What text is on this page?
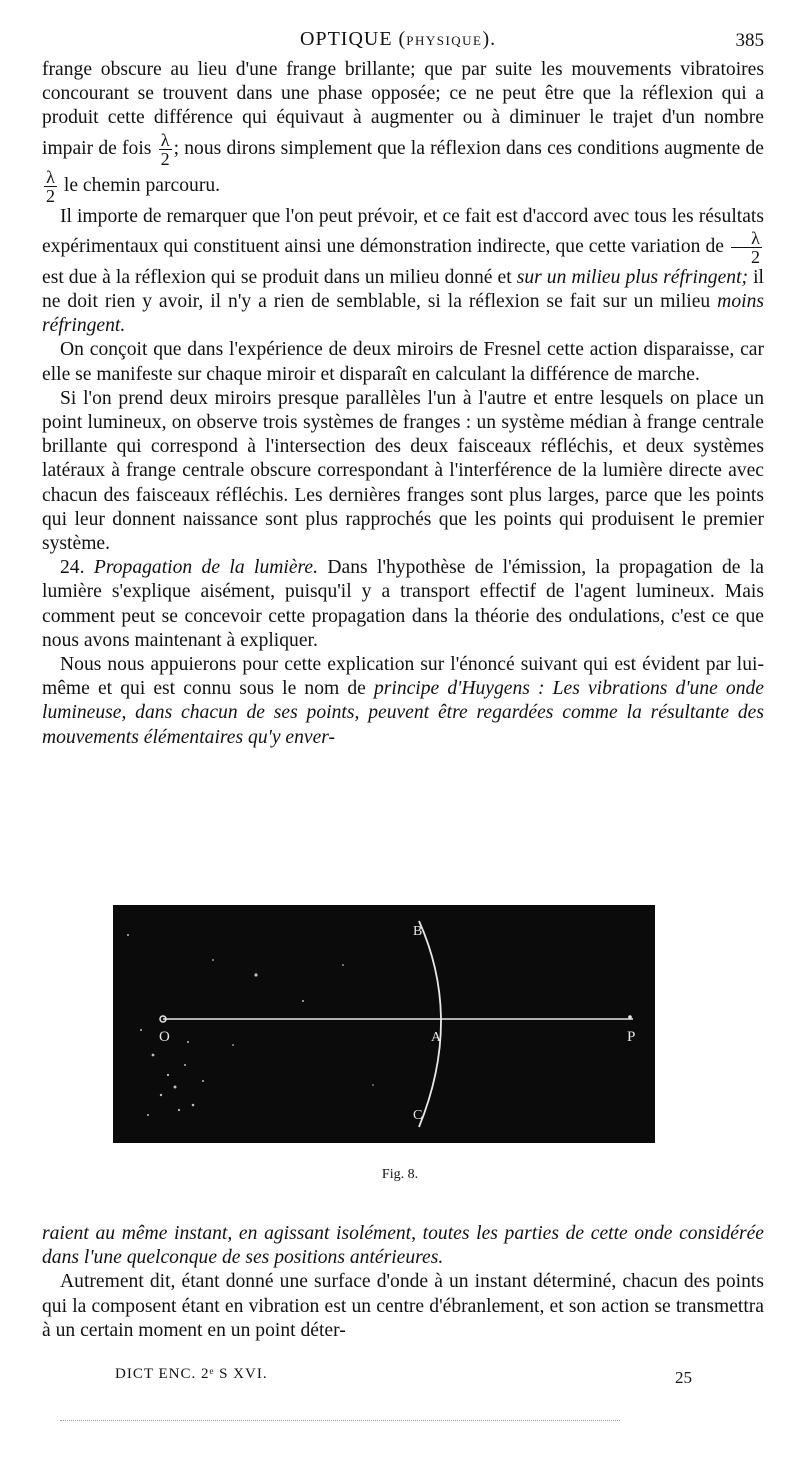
OPTIQUE (PHYSIQUE).	385

frange obscure au lieu d'une frange brillante; que par suite les mouvements vibratoires concourant se trouvent dans une phase opposée; ce ne peut être que la réflexion qui a produit cette différence qui équivaut à augmenter ou à diminuer le trajet d'un nombre impair de fois $\frac{\lambda}{2}$ ; nous dirons simplement que la réflexion dans ces conditions augmente de
$\frac{\lambda}{2}$ le chemin parcouru.

Il importe de remarquer que l'on peut prévoir, et ce fait est d'accord avec tous les résultats expérimentaux qui constituent ainsi une démonstration indirecte, que cette variation de $\frac{\lambda}{2}$
est due à la réflexion qui se produit dans un milieu donné et sur un milieu plus réfringent; il ne doit rien y avoir, il n'y a rien de semblable, si la réflexion se fait sur un milieu moins réfringent.

On conçoit que dans l'expérience de deux miroirs de Fresnel cette action disparaisse, car elle se manifeste sur chaque miroir et disparaît en calculant la différence de marche.

Si l'on prend deux miroirs presque parallèles l'un à l'autre et entre lesquels on place un point lumineux, on observe trois systèmes de franges : un système médian à frange centrale brillante qui correspond à l'intersection des deux faisceaux réfléchis, et deux systèmes latéraux à frange centrale obscure correspondant à l'interférence de la lumière directe avec chacun des faisceaux réfléchis. Les dernières franges sont plus larges, parce que les points qui leur donnent naissance sont plus rapprochés que les points qui produisent le premier système.

24. Propagation de la lumière. Dans l'hypothèse de l'émission, la propagation de la lumière s'explique aisément, puisqu'il y a transport effectif de l'agent lumineux. Mais comment peut se concevoir cette propagation dans la théorie des ondulations, c'est ce que nous avons maintenant à expliquer.

Nous nous appuierons pour cette explication sur l'énoncé suivant qui est évident par lui-même et qui est connu sous le nom de principe d'Huygens : Les vibrations d'une onde lumineuse, dans chacun de ses points, peuvent être regardées comme la résultante des mouvements élémentaires qu'y enver-

O	A	P
B
C
Fig. 8.

raient au même instant, en agissant isolément, toutes les parties de cette onde considérée dans l'une quelconque de ses positions antérieures.

Autrement dit, étant donné une surface d'onde à un instant déterminé, chacun des points qui la composent étant en vibration est un centre d'ébranlement, et son action se transmettra à un certain moment en un point déter-

DICT ENC. 2ᵉ S XVI.	25
